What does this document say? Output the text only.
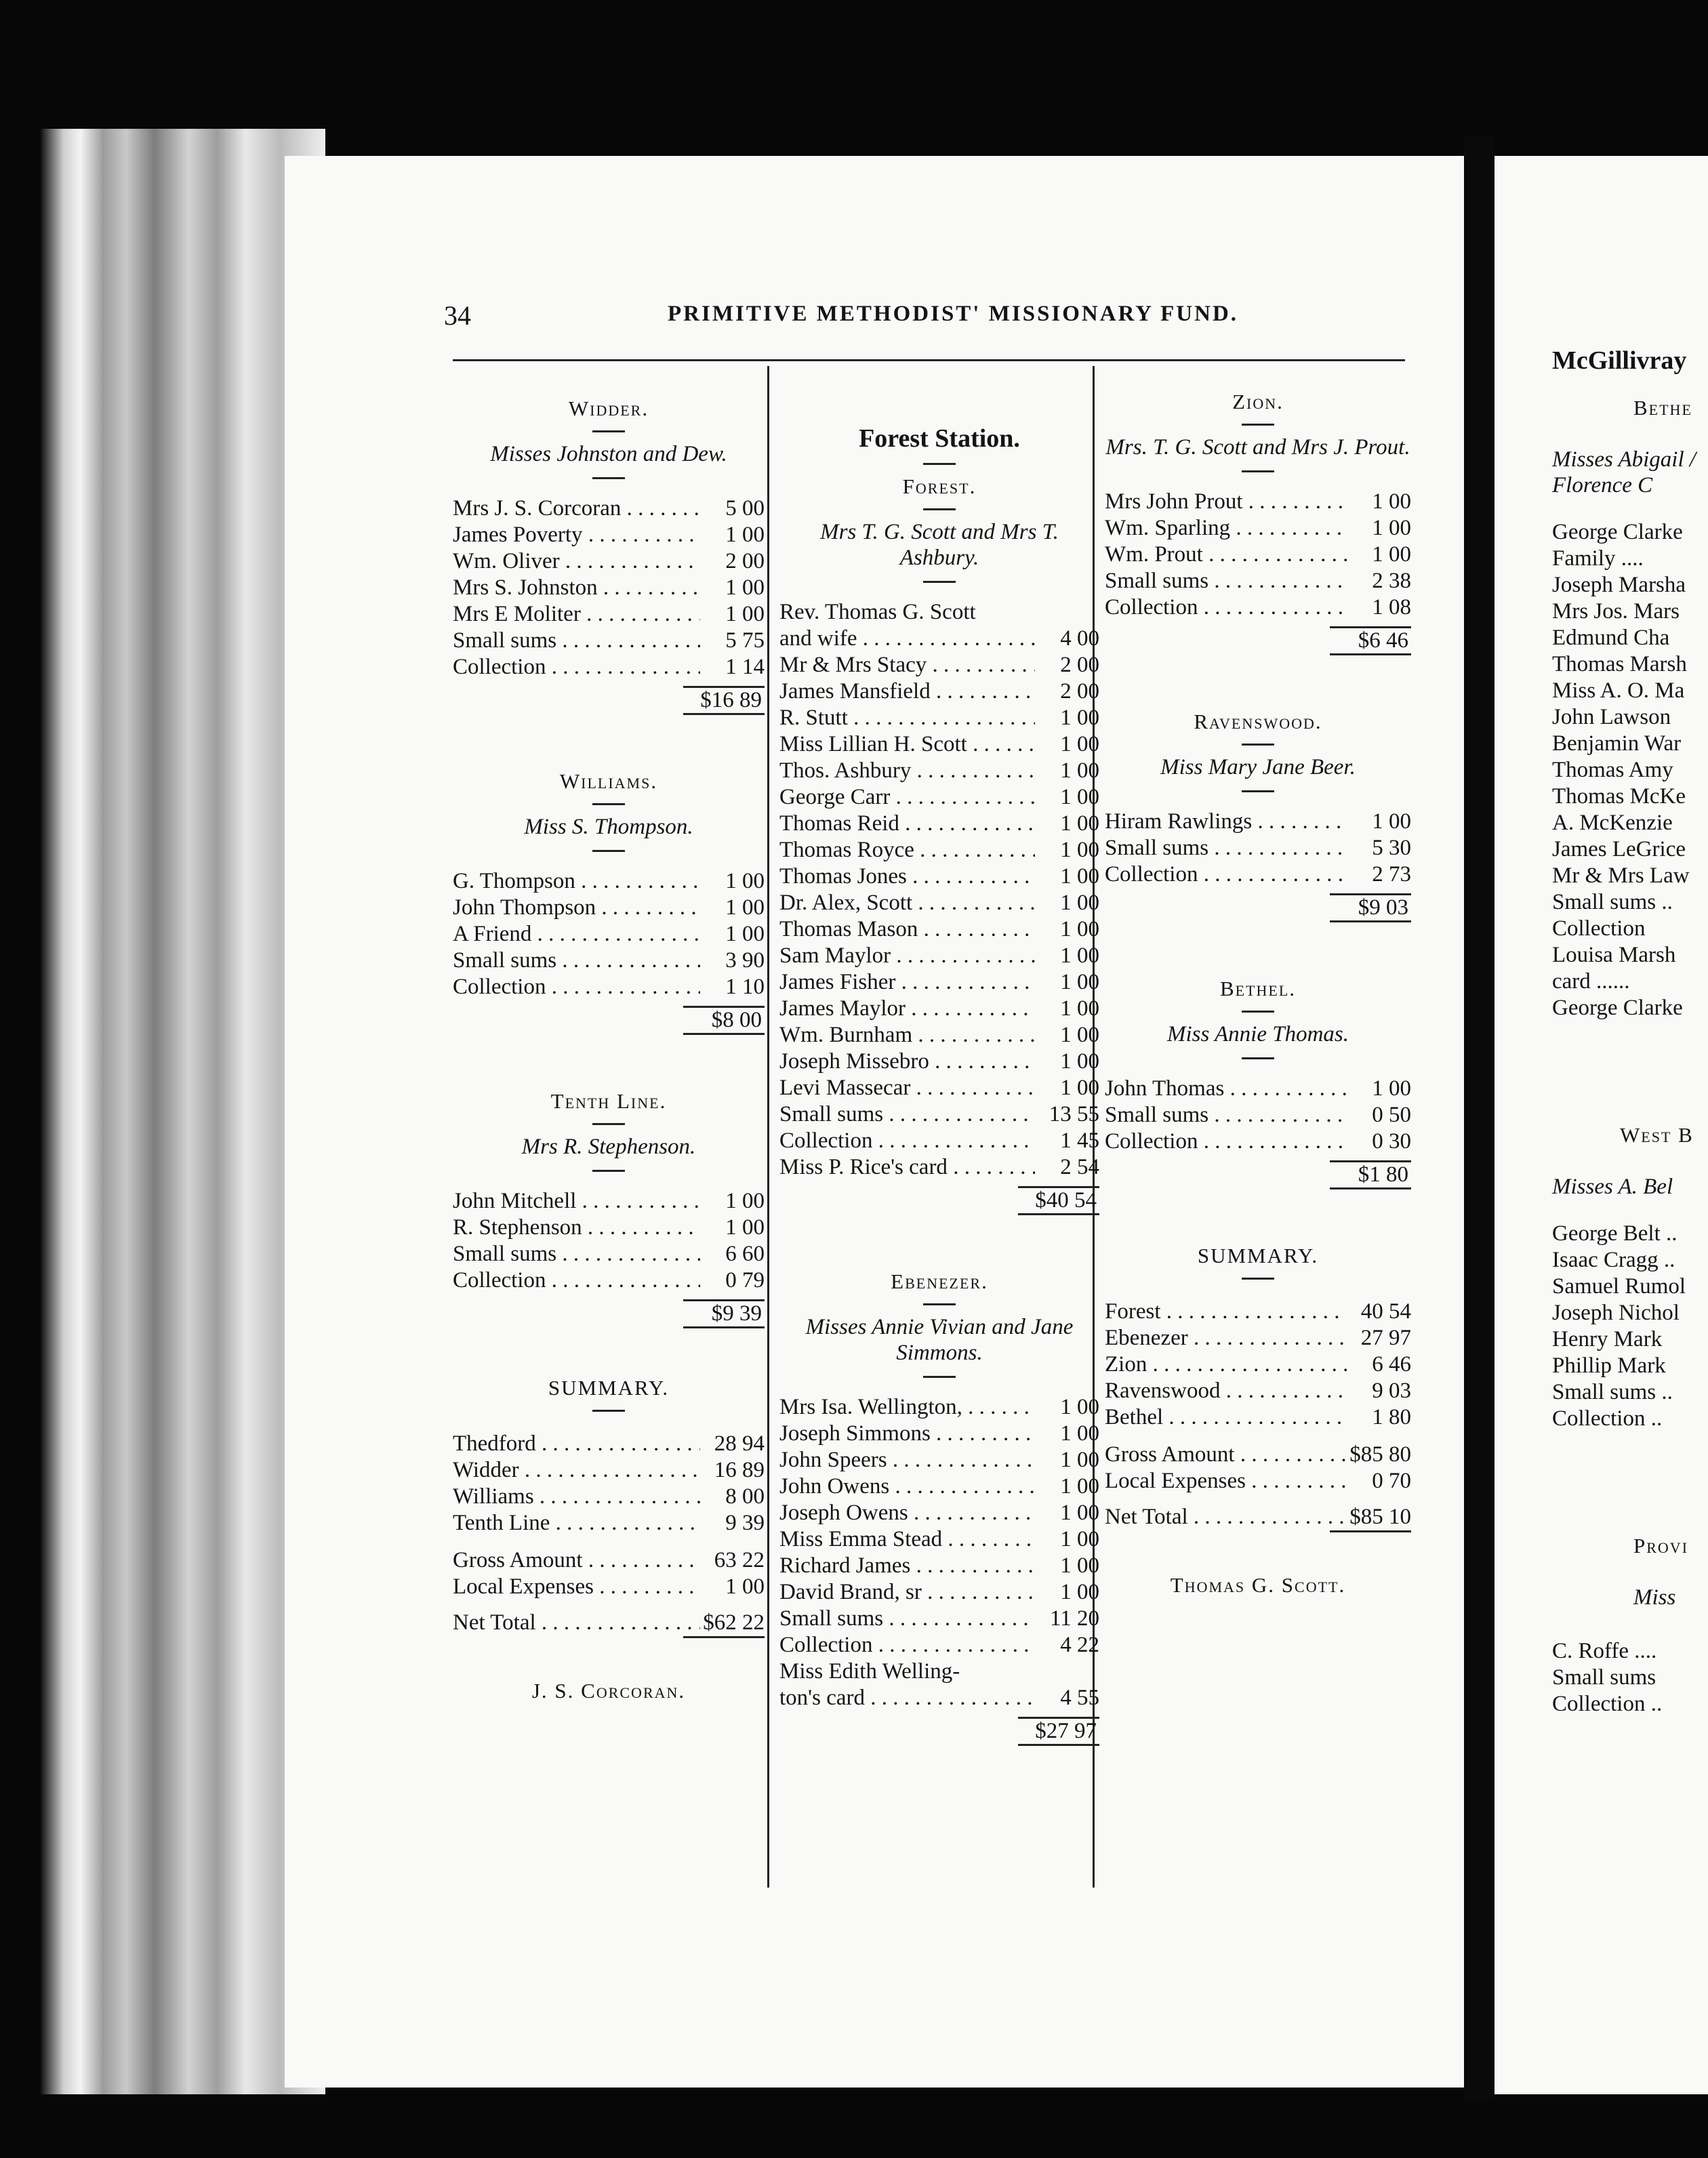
34	PRIMITIVE METHODIST' MISSIONARY FUND.
Widder.
Misses Johnston and Dew.
Mrs J. S. Corcoran . . .	5 00
James Poverty . . .	1 00
Wm. Oliver . . .	2 00
Mrs S. Johnston . . .	1 00
Mrs E Moliter . . .	1 00
Small sums . . .	5 75
Collection . . .	1 14
$16 89
Williams.
Miss S. Thompson.
G. Thompson . . .	1 00
John Thompson . . .	1 00
A Friend . . .	1 00
Small sums . . .	3 90
Collection . . .	1 10
$8 00
Tenth Line.
Mrs R. Stephenson.
John Mitchell . . .	1 00
R. Stephenson . . .	1 00
Small sums . . .	6 60
Collection . . .	0 79
$9 39
SUMMARY.
Thedford . . .	28 94
Widder . . .	16 89
Williams . . .	8 00
Tenth Line . . .	9 39
Gross Amount . . .	63 22
Local Expenses . . .	1 00
Net Total . . .	$62 22
J. S. Corcoran.
Forest Station.
Forest.
Mrs T. G. Scott and Mrs T. Ashbury.
Rev. Thomas G. Scott
and wife . . .	4 00
Mr & Mrs Stacy . . .	2 00
James Mansfield . . .	2 00
R. Stutt . . .	1 00
Miss Lillian H. Scott . . .	1 00
Thos. Ashbury . . .	1 00
George Carr . . .	1 00
Thomas Reid . . .	1 00
Thomas Royce . . .	1 00
Thomas Jones . . .	1 00
Dr. Alex, Scott . . .	1 00
Thomas Mason . . .	1 00
Sam Maylor . . .	1 00
James Fisher . . .	1 00
James Maylor . . .	1 00
Wm. Burnham . . .	1 00
Joseph Missebro . . .	1 00
Levi Massecar . . .	1 00
Small sums . . .	13 55
Collection . . .	1 45
Miss P. Rice's card . . .	2 54
$40 54
Ebenezer.
Misses Annie Vivian and Jane Simmons.
Mrs Isa. Wellington, . . .	1 00
Joseph Simmons . . .	1 00
John Speers . . .	1 00
John Owens . . .	1 00
Joseph Owens . . .	1 00
Miss Emma Stead . . .	1 00
Richard James . . .	1 00
David Brand, sr . . .	1 00
Small sums . . .	11 20
Collection . . .	4 22
Miss Edith Welling-
ton's card . . .	4 55
$27 97
Zion.
Mrs. T. G. Scott and Mrs J. Prout.
Mrs John Prout . . .	1 00
Wm. Sparling . . .	1 00
Wm. Prout . . .	1 00
Small sums . . .	2 38
Collection . . .	1 08
$6 46
Ravenswood.
Miss Mary Jane Beer.
Hiram Rawlings . . .	1 00
Small sums . . .	5 30
Collection . . .	2 73
$9 03
Bethel.
Miss Annie Thomas.
John Thomas . . .	1 00
Small sums . . .	0 50
Collection . . .	0 30
$1 80
SUMMARY.
Forest . . .	40 54
Ebenezer . . .	27 97
Zion . . .	6 46
Ravenswood . . .	9 03
Bethel . . .	1 80
Gross Amount . . .	$85 80
Local Expenses . . .	0 70
Net Total . . .	$85 10
Thomas G. Scott.
McGillivray
Bethe
Misses Abigail / Florence C
George Clarke
Family ....
Joseph Marsha
Mrs Jos. Mars
Edmund Cha
Thomas Marsh
Miss A. O. Ma
John Lawson
Benjamin War
Thomas Amy
Thomas McKe
A. McKenzie
James LeGrice
Mr & Mrs Law
Small sums ..
Collection
Louisa Marsh
card ......
George Clarke
West B
Misses A. Bel
George Belt ..
Isaac Cragg ..
Samuel Rumol
Joseph Nichol
Henry Mark
Phillip Mark
Small sums ..
Collection ..
Provi
Miss
C. Roffe ....
Small sums
Collection ..
